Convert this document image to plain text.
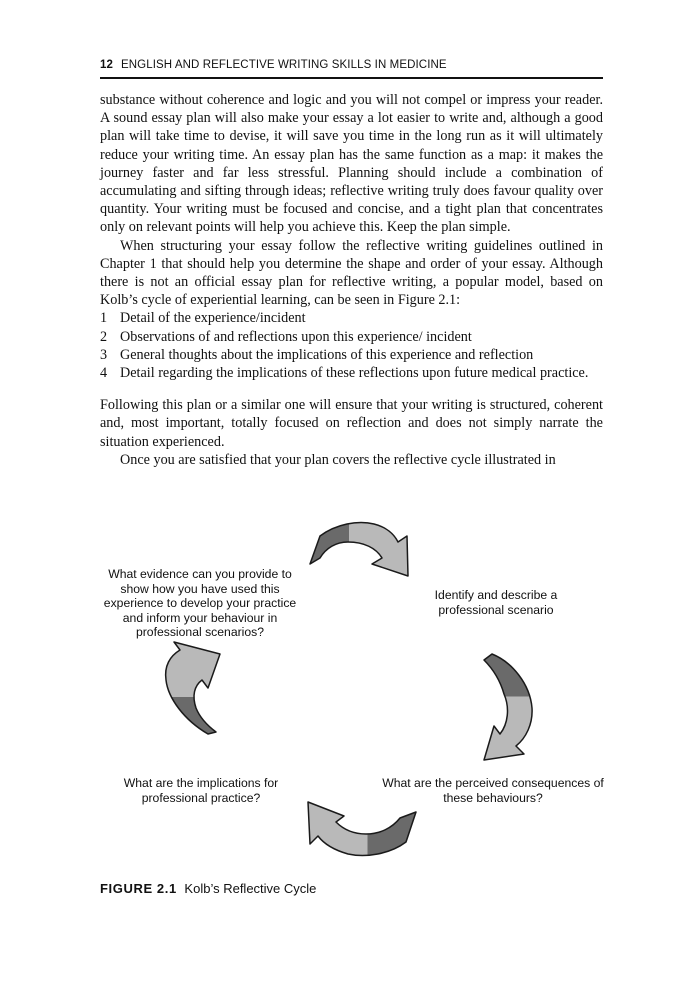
12 ENGLISH AND REFLECTIVE WRITING SKILLS IN MEDICINE

substance without coherence and logic and you will not compel or impress your reader. A sound essay plan will also make your essay a lot easier to write and, although a good plan will take time to devise, it will save you time in the long run as it will ultimately reduce your writing time. An essay plan has the same function as a map: it makes the journey faster and far less stressful. Planning should include a combination of accumulating and sifting through ideas; reflective writing truly does favour quality over quantity. Your writing must be focused and concise, and a tight plan that concentrates only on relevant points will help you achieve this. Keep the plan simple.

When structuring your essay follow the reflective writing guidelines outlined in Chapter 1 that should help you determine the shape and order of your essay. Although there is not an official essay plan for reflective writing, a popular model, based on Kolb’s cycle of experiential learning, can be seen in Figure 2.1:

1 Detail of the experience/incident
2 Observations of and reflections upon this experience/ incident
3 General thoughts about the implications of this experience and reflection
4 Detail regarding the implications of these reflections upon future medical practice.

Following this plan or a similar one will ensure that your writing is structured, coherent and, most important, totally focused on reflection and does not simply narrate the situation experienced.

Once you are satisfied that your plan covers the reflective cycle illustrated in

What evidence can you provide to show how you have used this experience to develop your practice and inform your behaviour in professional scenarios?
Identify and describe a professional scenario
What are the implications for professional practice?
What are the perceived consequences of these behaviours?
FIGURE 2.1 Kolb’s Reflective Cycle
